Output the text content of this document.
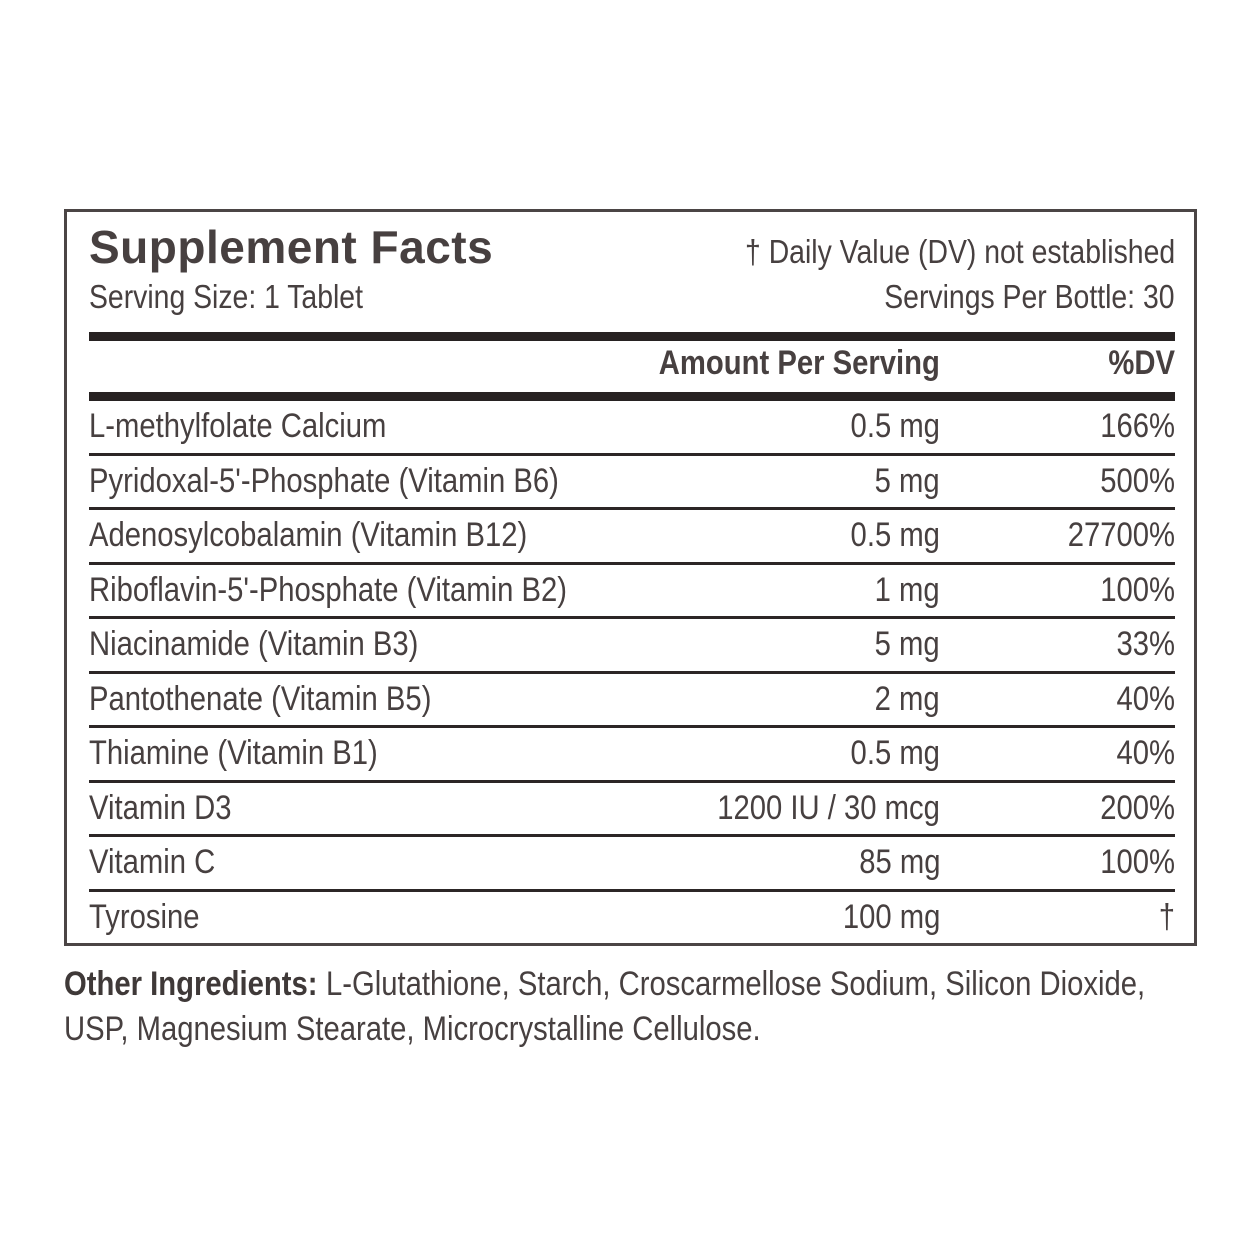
Supplement Facts	† Daily Value (DV) not established
Serving Size: 1 Tablet	Servings Per Bottle: 30
Amount Per Serving	%DV
L-methylfolate Calcium	0.5 mg	166%
Pyridoxal-5'-Phosphate (Vitamin B6)	5 mg	500%
Adenosylcobalamin (Vitamin B12)	0.5 mg	27700%
Riboflavin-5'-Phosphate (Vitamin B2)	1 mg	100%
Niacinamide (Vitamin B3)	5 mg	33%
Pantothenate (Vitamin B5)	2 mg	40%
Thiamine (Vitamin B1)	0.5 mg	40%
Vitamin D3	1200 IU / 30 mcg	200%
Vitamin C	85 mg	100%
Tyrosine	100 mg	†
Other Ingredients: L-Glutathione, Starch, Croscarmellose Sodium, Silicon Dioxide,
USP, Magnesium Stearate, Microcrystalline Cellulose.
